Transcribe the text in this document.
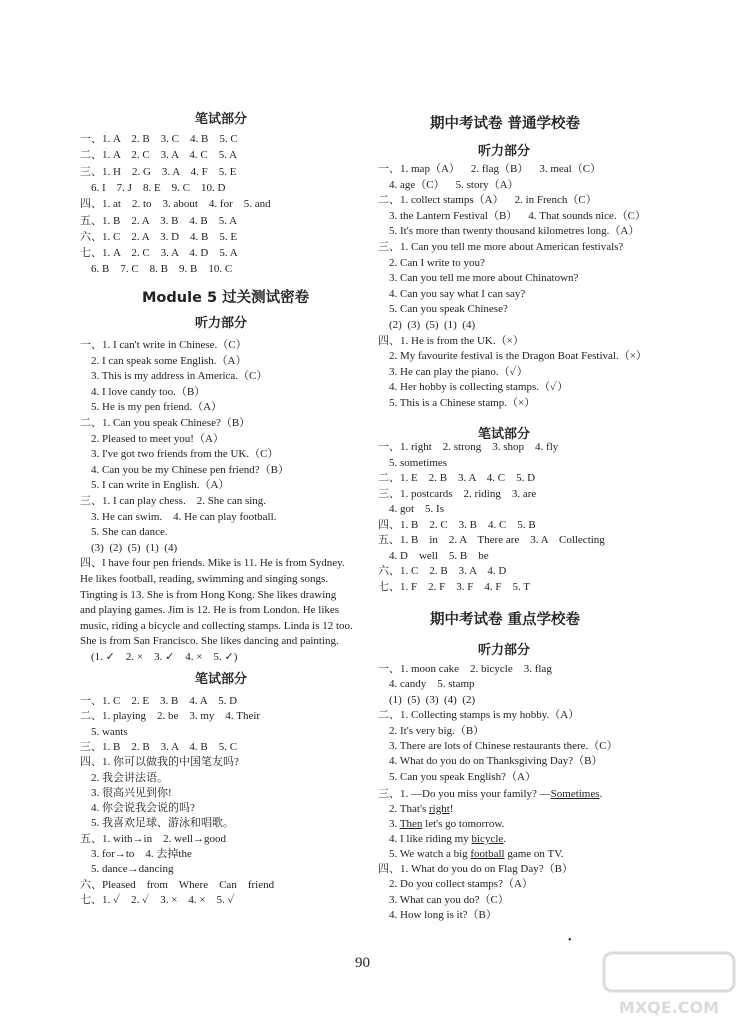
笔试部分
一、1. A    2. B    3. C    4. B    5. C
二、1. A    2. C    3. A    4. C    5. A
三、1. H    2. G    3. A    4. F    5. E
6. I    7. J    8. E    9. C    10. D
四、1. at    2. to    3. about    4. for    5. and
五、1. B    2. A    3. B    4. B    5. A
六、1. C    2. A    3. D    4. B    5. E
七、1. A    2. C    3. A    4. D    5. A
6. B    7. C    8. B    9. B    10. C
Module 5 过关测试密卷
听力部分
一、1. I can't write in Chinese.（C）
2. I can speak some English.（A）
3. This is my address in America.（C）
4. I love candy too.（B）
5. He is my pen friend.（A）
二、1. Can you speak Chinese?（B）
2. Pleased to meet you!（A）
3. I've got two friends from the UK.（C）
4. Can you be my Chinese pen friend?（B）
5. I can write in English.（A）
三、1. I can play chess.    2. She can sing.
3. He can swim.    4. He can play football.
5. She can dance.
(3)  (2)  (5)  (1)  (4)
四、I have four pen friends. Mike is 11. He is from Sydney.
He likes football, reading, swimming and singing songs.
Tingting is 13. She is from Hong Kong. She likes drawing
and playing games. Jim is 12. He is from London. He likes
music, riding a bicycle and collecting stamps. Linda is 12 too.
She is from San Francisco. She likes dancing and painting.
(1. ✓    2. ×    3. ✓    4. ×    5. ✓)
笔试部分
一、1. C    2. E    3. B    4. A    5. D
二、1. playing    2. be    3. my    4. Their
5. wants
三、1. B    2. B    3. A    4. B    5. C
四、1. 你可以做我的中国笔友吗?
2. 我会讲法语。
3. 很高兴见到你!
4. 你会说我会说的吗?
5. 我喜欢足球、游泳和唱歌。
五、1. with→in    2. well→good
3. for→to    4. 去掉the
5. dance→dancing
六、Pleased    from    Where    Can    friend
七、1. ✓    2. ✓    3. ×    4. ×    5. ✓
期中考试卷 普通学校卷
听力部分
一、1. map（A）    2. flag（B）    3. meal（C）
4. age（C）    5. story（A）
二、1. collect stamps（A）    2. in French（C）
3. the Lantern Festival（B）    4. That sounds nice.（C）
5. It's more than twenty thousand kilometres long.（A）
三、1. Can you tell me more about American festivals?
2. Can I write to you?
3. Can you tell me more about Chinatown?
4. Can you say what I can say?
5. Can you speak Chinese?
(2)  (3)  (5)  (1)  (4)
四、1. He is from the UK.（×）
2. My favourite festival is the Dragon Boat Festival.（×）
3. He can play the piano.（✓）
4. Her hobby is collecting stamps.（✓）
5. This is a Chinese stamp.（×）
笔试部分
一、1. right    2. strong    3. shop    4. fly
5. sometimes
二、1. E    2. B    3. A    4. C    5. D
三、1. postcards    2. riding    3. are
4. got    5. Is
四、1. B    2. C    3. B    4. C    5. B
五、1. B    in    2. A    There are    3. A    Collecting
4. D    well    5. B    be
六、1. C    2. B    3. A    4. D
七、1. F    2. F    3. F    4. F    5. T
期中考试卷 重点学校卷
听力部分
一、1. moon cake    2. bicycle    3. flag
4. candy    5. stamp
(1)  (5)  (3)  (4)  (2)
二、1. Collecting stamps is my hobby.（A）
2. It's very big.（B）
3. There are lots of Chinese restaurants there.（C）
4. What do you do on Thanksgiving Day?（B）
5. Can you speak English?（A）
三、1. —Do you miss your family? —Sometimes.
2. That's right!
3. Then let's go tomorrow.
4. I like riding my bicycle.
5. We watch a big football game on TV.
四、1. What do you do on Flag Day?（B）
2. Do you collect stamps?（A）
3. What can you do?（C）
4. How long is it?（B）
90
•
MXQE.COM
